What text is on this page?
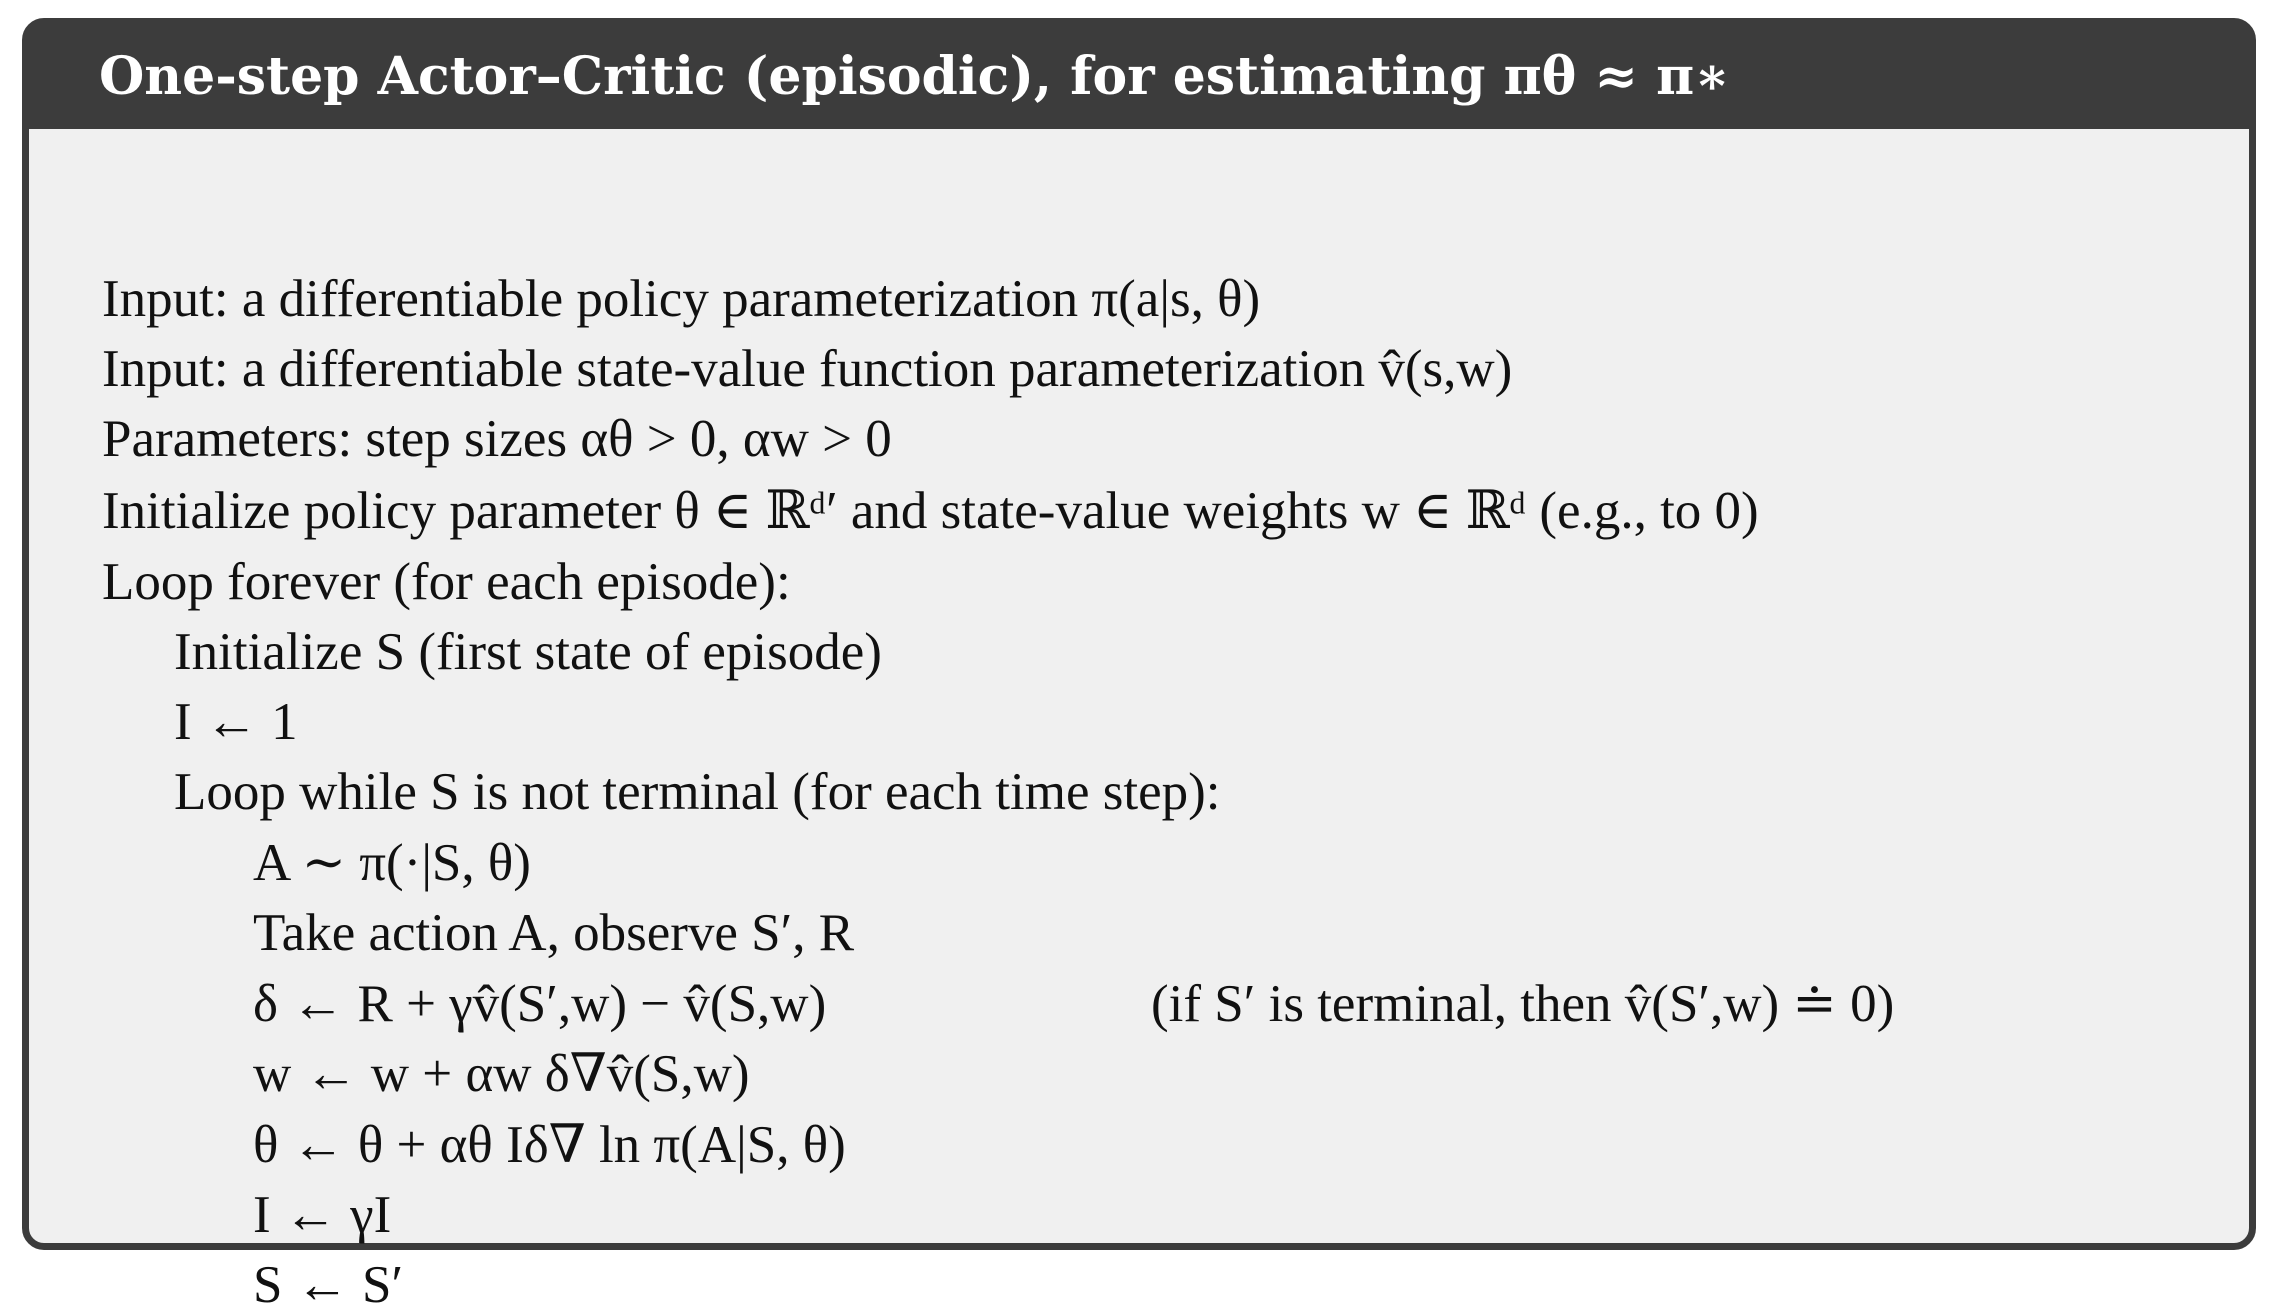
One-step Actor–Critic (episodic), for estimating πθ ≈ π∗
Input: a differentiable policy parameterization π(a|s, θ)
Input: a differentiable state-value function parameterization v̂(s,w)
Parameters: step sizes αθ > 0, αw > 0
Initialize policy parameter θ ∈ ℝᵈ′ and state-value weights w ∈ ℝᵈ (e.g., to 0)
Loop forever (for each episode):
Initialize S (first state of episode)
I ← 1
Loop while S is not terminal (for each time step):
A ∼ π(·|S, θ)
Take action A, observe S′, R
δ ← R + γv̂(S′,w) − v̂(S,w)	(if S′ is terminal, then v̂(S′,w) ≐ 0)
w ← w + αw δ∇v̂(S,w)
θ ← θ + αθ Iδ∇ ln π(A|S, θ)
I ← γI
S ← S′
